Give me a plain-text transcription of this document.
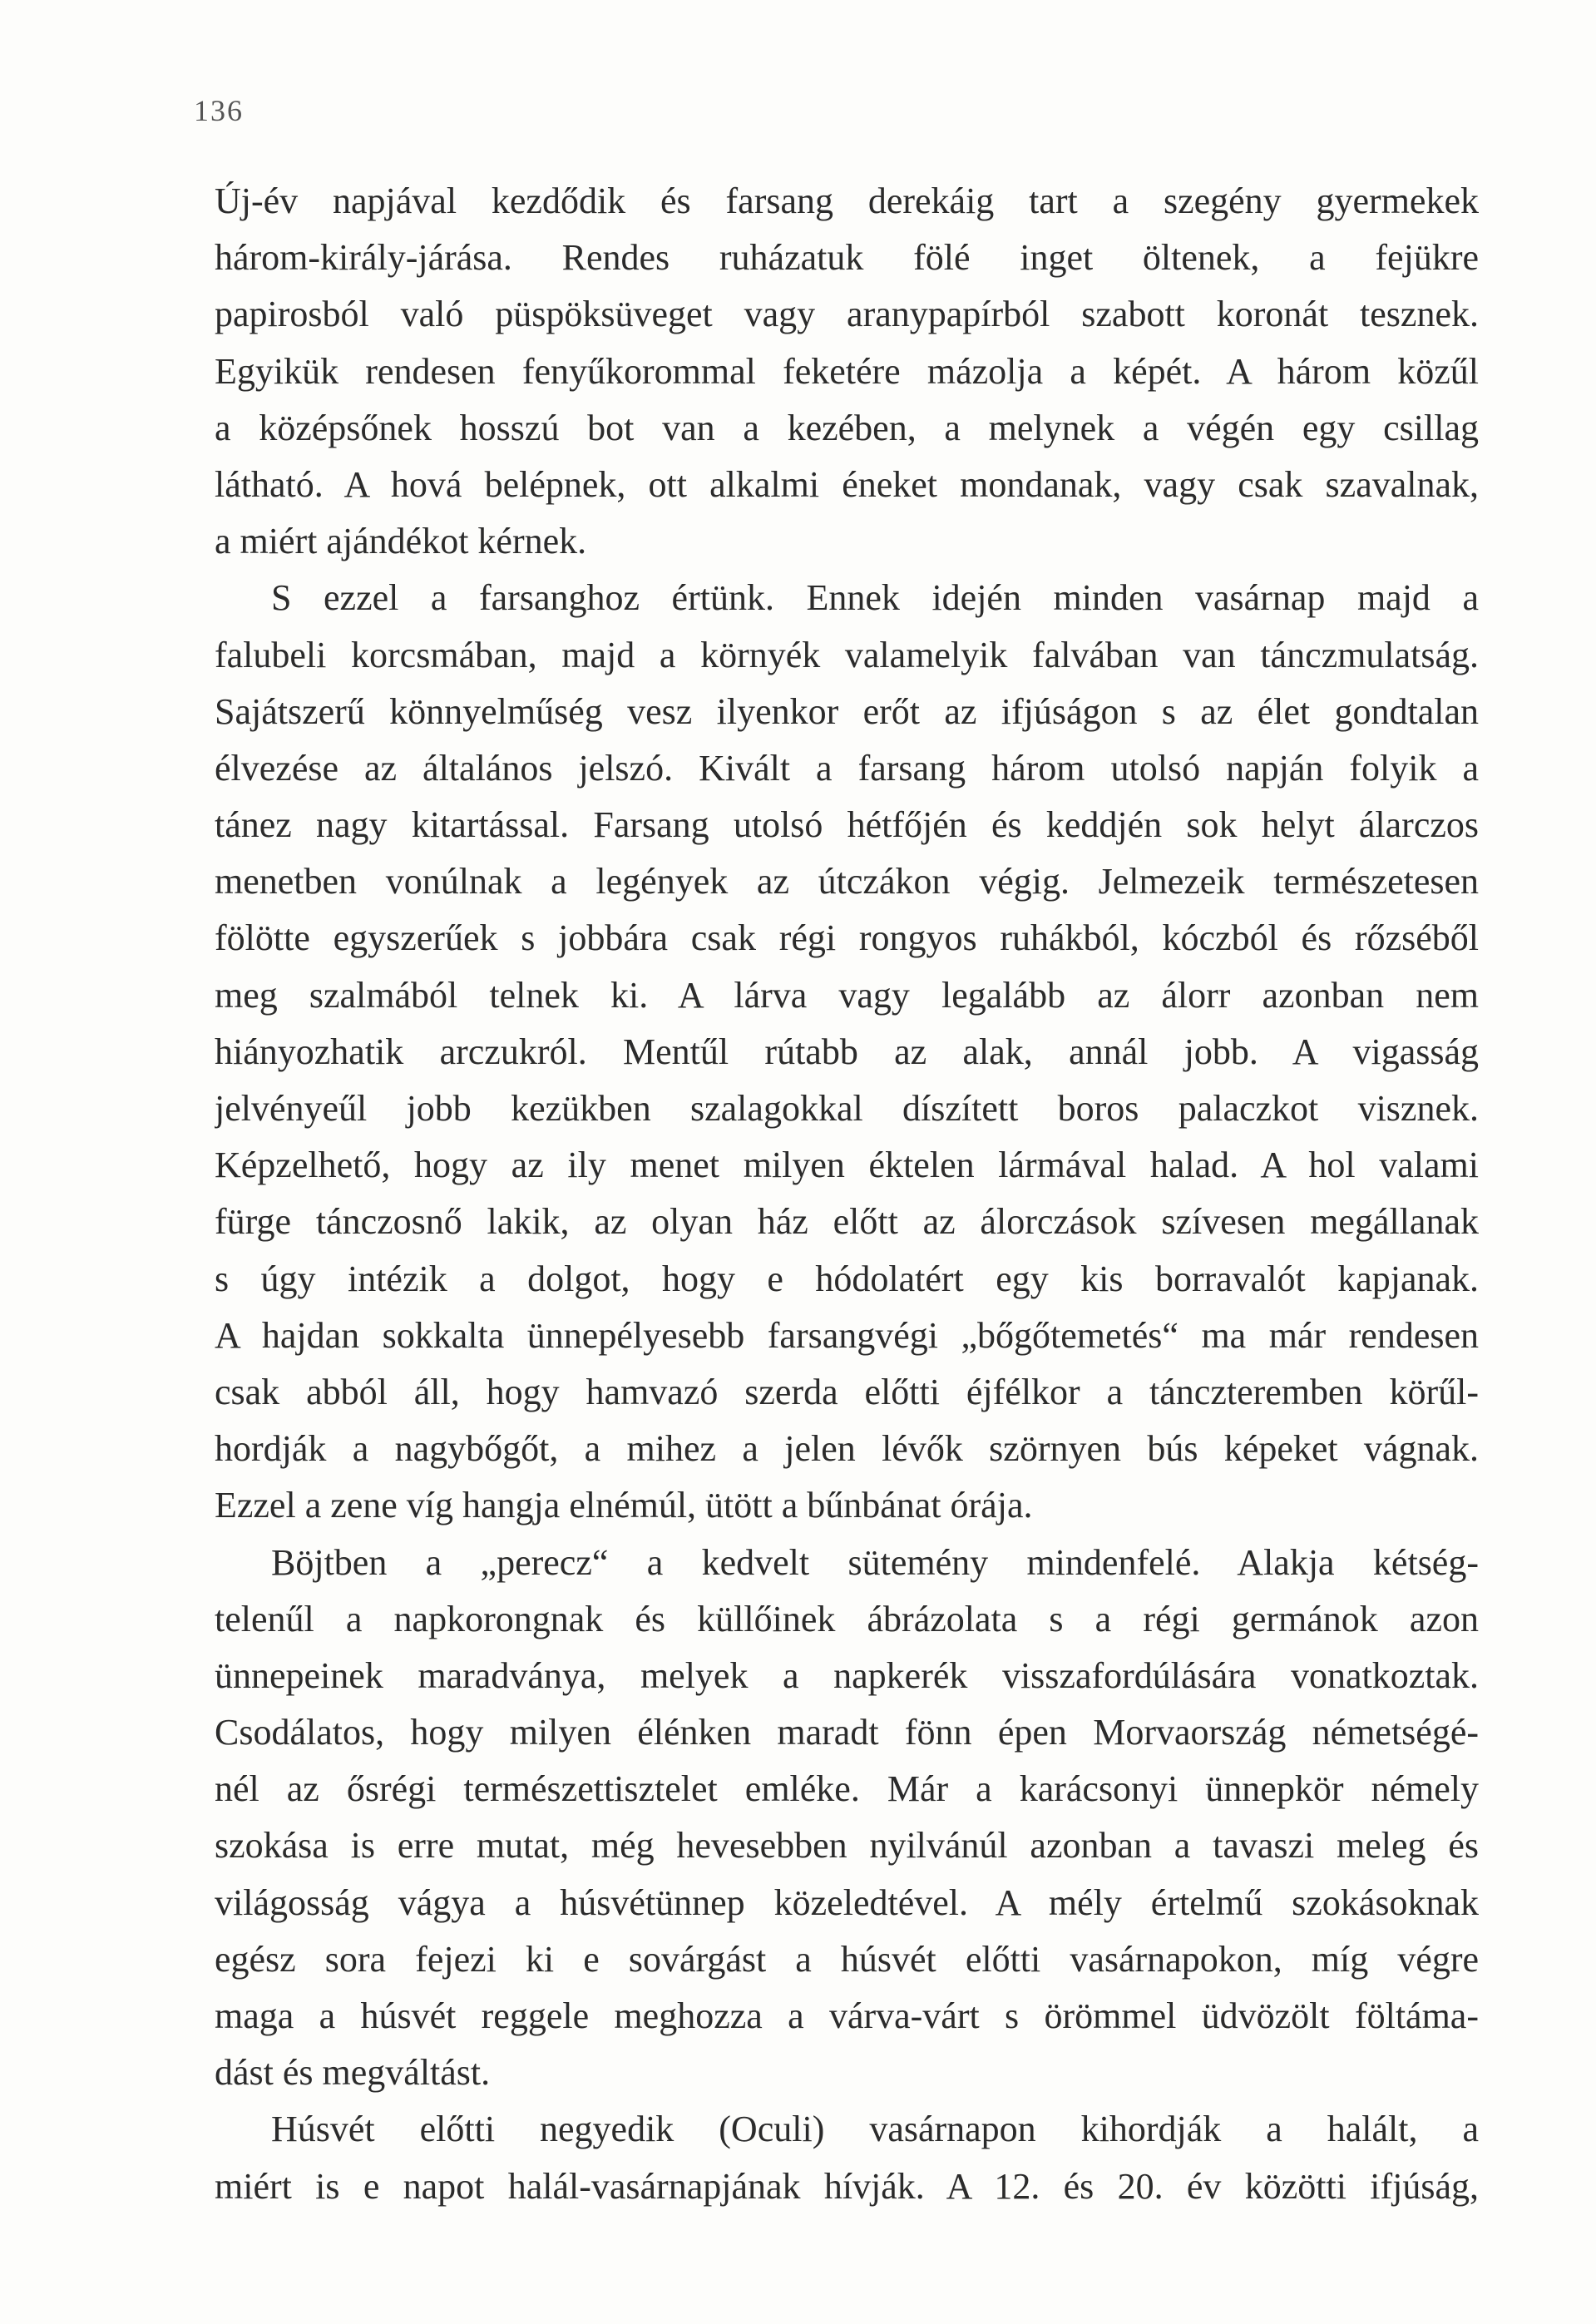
136
Új-év napjával kezdődik és farsang derekáig tart a szegény gyermekek
három-király-járása. Rendes ruházatuk fölé inget öltenek, a fejükre
papirosból való püspöksüveget vagy aranypapírból szabott koronát tesznek.
Egyikük rendesen fenyűkorommal feketére mázolja a képét. A három közűl
a középsőnek hosszú bot van a kezében, a melynek a végén egy csillag
látható. A hová belépnek, ott alkalmi éneket mondanak, vagy csak szavalnak,
a miért ajándékot kérnek.
S ezzel a farsanghoz értünk. Ennek idején minden vasárnap majd a
falubeli korcsmában, majd a környék valamelyik falvában van tánczmulatság.
Sajátszerű könnyelműség vesz ilyenkor erőt az ifjúságon s az élet gondtalan
élvezése az általános jelszó. Kivált a farsang három utolsó napján folyik a
tánez nagy kitartással. Farsang utolsó hétfőjén és keddjén sok helyt álarczos
menetben vonúlnak a legények az útczákon végig. Jelmezeik természetesen
fölötte egyszerűek s jobbára csak régi rongyos ruhákból, kóczból és rőzséből
meg szalmából telnek ki. A lárva vagy legalább az álorr azonban nem
hiányozhatik arczukról. Mentűl rútabb az alak, annál jobb. A vigasság
jelvényeűl jobb kezükben szalagokkal díszített boros palaczkot visznek.
Képzelhető, hogy az ily menet milyen éktelen lármával halad. A hol valami
fürge tánczosnő lakik, az olyan ház előtt az álorczások szívesen megállanak
s úgy intézik a dolgot, hogy e hódolatért egy kis borravalót kapjanak.
A hajdan sokkalta ünnepélyesebb farsangvégi „bőgőtemetés“ ma már rendesen
csak abból áll, hogy hamvazó szerda előtti éjfélkor a tánczteremben körűl-
hordják a nagybőgőt, a mihez a jelen lévők szörnyen bús képeket vágnak.
Ezzel a zene víg hangja elnémúl, ütött a bűnbánat órája.
Böjtben a „perecz“ a kedvelt sütemény mindenfelé. Alakja kétség-
telenűl a napkorongnak és küllőinek ábrázolata s a régi germánok azon
ünnepeinek maradványa, melyek a napkerék visszafordúlására vonatkoztak.
Csodálatos, hogy milyen élénken maradt fönn épen Morvaország németségé-
nél az ősrégi természettisztelet emléke. Már a karácsonyi ünnepkör némely
szokása is erre mutat, még hevesebben nyilvánúl azonban a tavaszi meleg és
világosság vágya a húsvétünnep közeledtével. A mély értelmű szokásoknak
egész sora fejezi ki e sovárgást a húsvét előtti vasárnapokon, míg végre
maga a húsvét reggele meghozza a várva-várt s örömmel üdvözölt föltáma-
dást és megváltást.
Húsvét előtti negyedik (Oculi) vasárnapon kihordják a halált, a
miért is e napot halál-vasárnapjának hívják. A 12. és 20. év közötti ifjúság,
